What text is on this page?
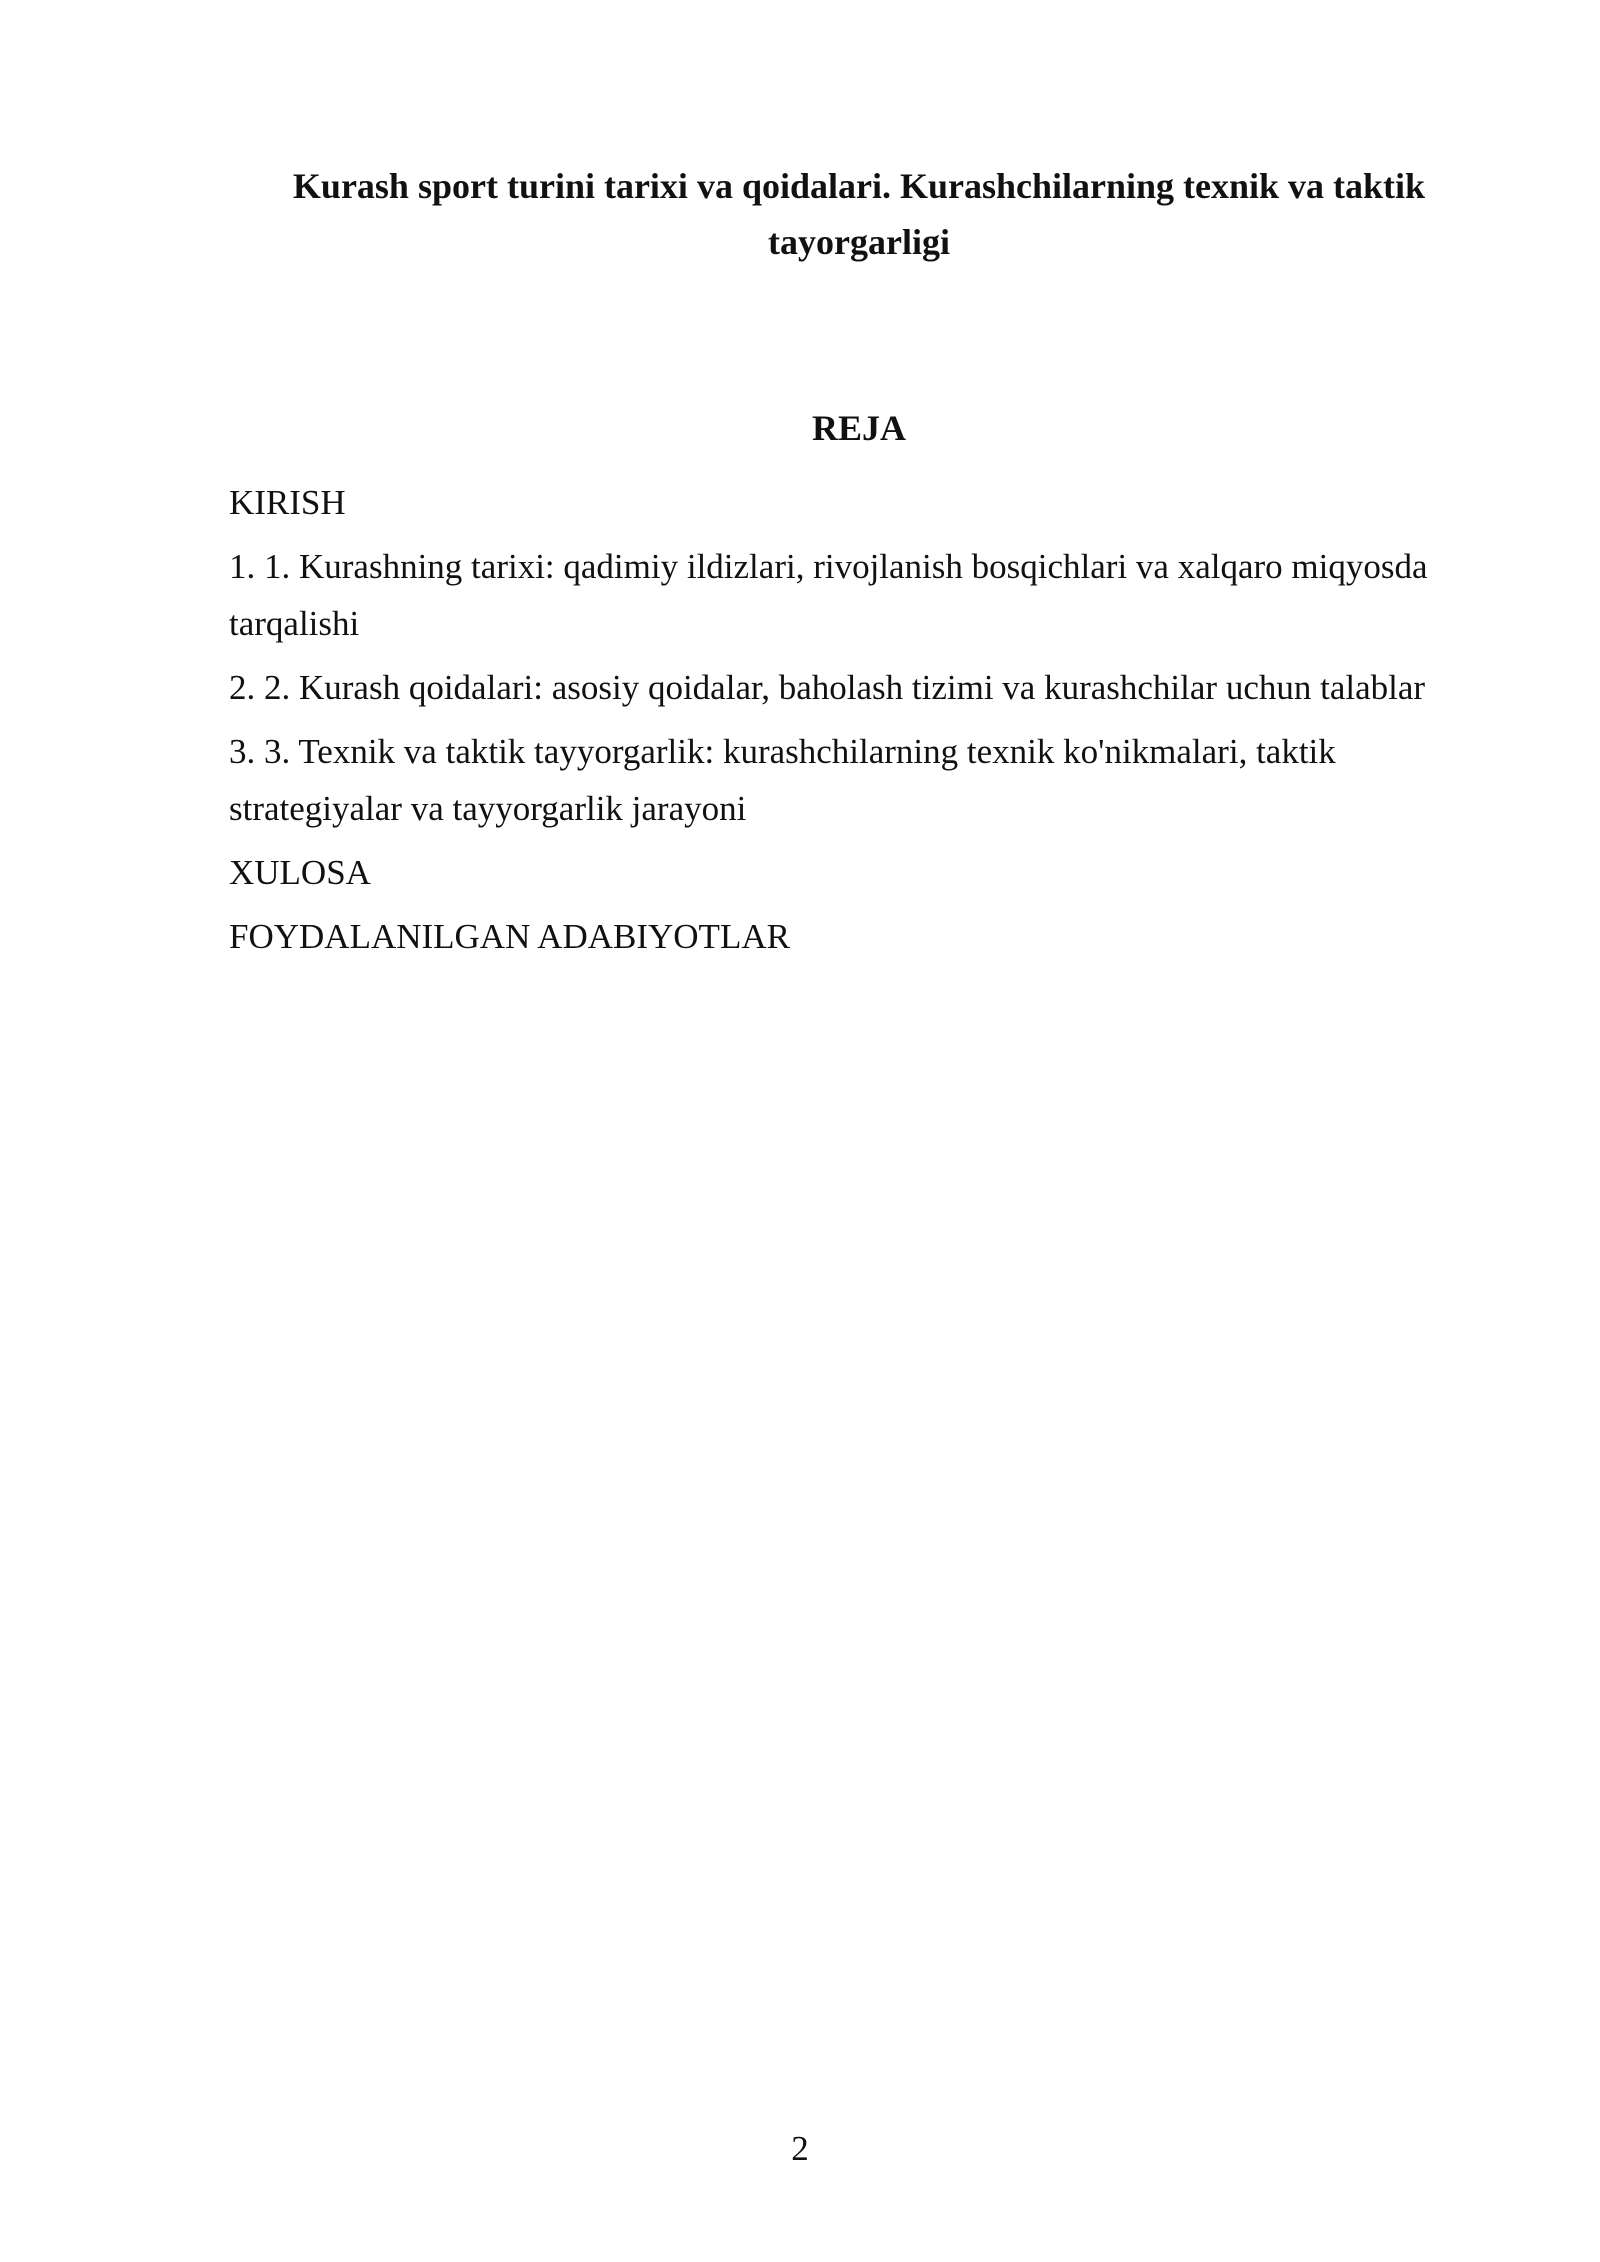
Kurash sport turini tarixi va qoidalari. Kurashchilarning texnik va taktik tayorgarligi
REJA
KIRISH
1. 1. Kurashning tarixi: qadimiy ildizlari, rivojlanish bosqichlari va xalqaro miqyosda tarqalishi
2. 2. Kurash qoidalari: asosiy qoidalar, baholash tizimi va kurashchilar uchun talablar
3. 3. Texnik va taktik tayyorgarlik: kurashchilarning texnik ko'nikmalari, taktik strategiyalar va tayyorgarlik jarayoni
XULOSA
FOYDALANILGAN ADABIYOTLAR
2
